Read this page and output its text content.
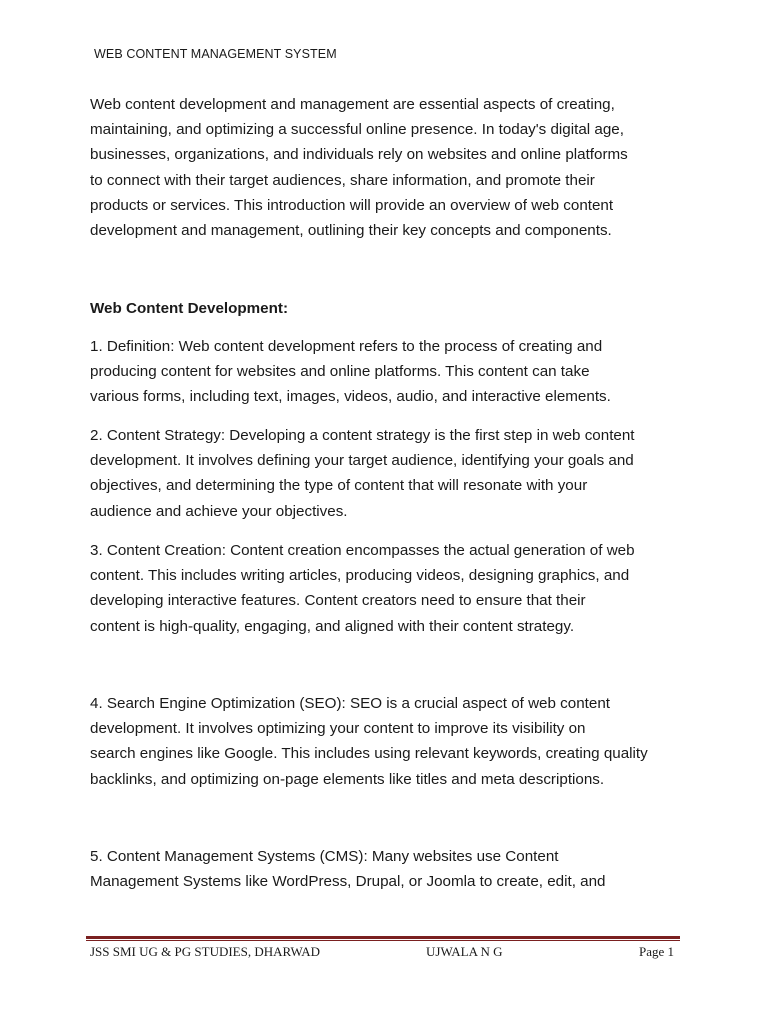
WEB CONTENT MANAGEMENT SYSTEM
Web content development and management are essential aspects of creating,
maintaining, and optimizing a successful online presence. In today's digital age,
businesses, organizations, and individuals rely on websites and online platforms
to connect with their target audiences, share information, and promote their
products or services. This introduction will provide an overview of web content
development and management, outlining their key concepts and components.
Web Content Development:
1. Definition: Web content development refers to the process of creating and
producing content for websites and online platforms. This content can take
various forms, including text, images, videos, audio, and interactive elements.
2. Content Strategy: Developing a content strategy is the first step in web content
development. It involves defining your target audience, identifying your goals and
objectives, and determining the type of content that will resonate with your
audience and achieve your objectives.
3. Content Creation: Content creation encompasses the actual generation of web
content. This includes writing articles, producing videos, designing graphics, and
developing interactive features. Content creators need to ensure that their
content is high-quality, engaging, and aligned with their content strategy.
4. Search Engine Optimization (SEO): SEO is a crucial aspect of web content
development. It involves optimizing your content to improve its visibility on
search engines like Google. This includes using relevant keywords, creating quality
backlinks, and optimizing on-page elements like titles and meta descriptions.
5. Content Management Systems (CMS): Many websites use Content
Management Systems like WordPress, Drupal, or Joomla to create, edit, and
JSS SMI UG & PG STUDIES, DHARWAD	UJWALA N G	Page 1
